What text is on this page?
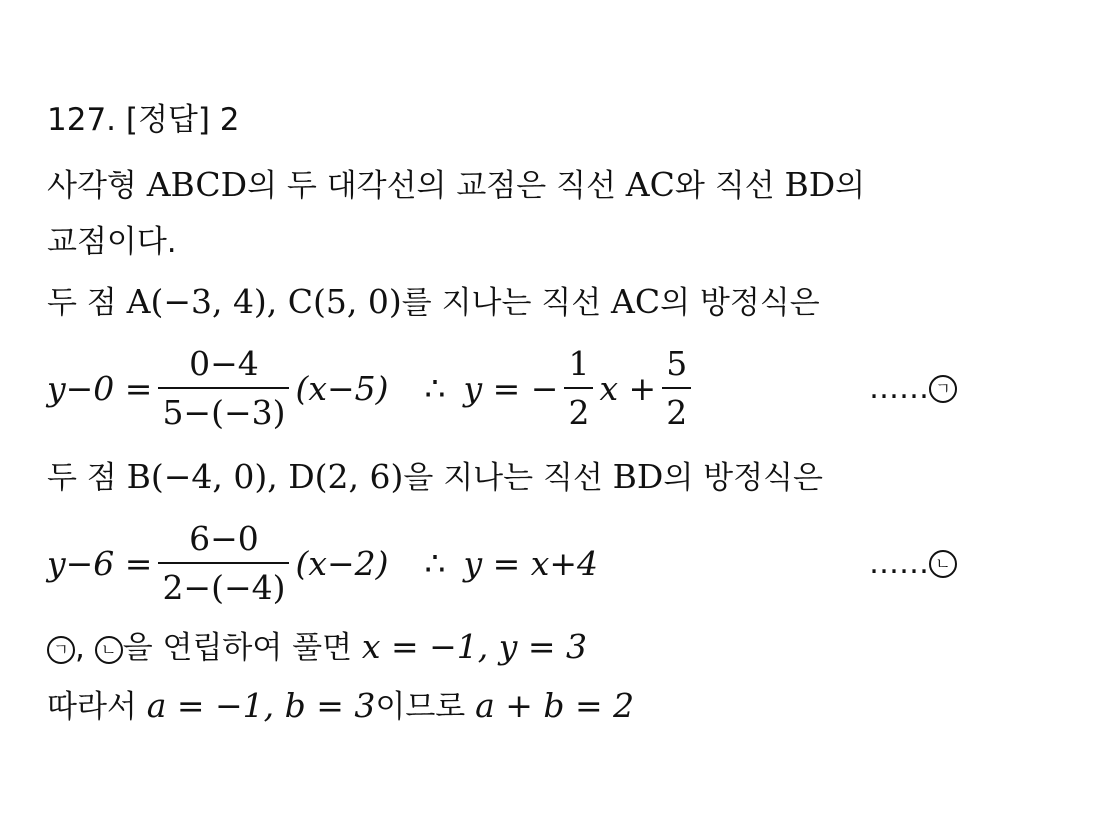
127. [정답] 2
사각형 ABCD의 두 대각선의 교점은 직선 AC와 직선 BD의
교점이다.
두 점 A(−3, 4), C(5, 0)를 지나는 직선 AC의 방정식은
$y-0 = \frac{0-4}{5-(-3)} (x-5)$ ∴ y = − $\frac{1}{2}$ $x + \frac{5}{2}$	…… ㄱ
두 점 B(−4, 0), D(2, 6)을 지나는 직선 BD의 방정식은
$y-6 = \frac{6-0}{2-(-4)} (x-2)$ ∴ y = x+4	…… ㄴ
ㄱ , ㄴ 을 연립하여 풀면 x = −1, y = 3
따라서 a = −1, b = 3이므로 a + b = 2
